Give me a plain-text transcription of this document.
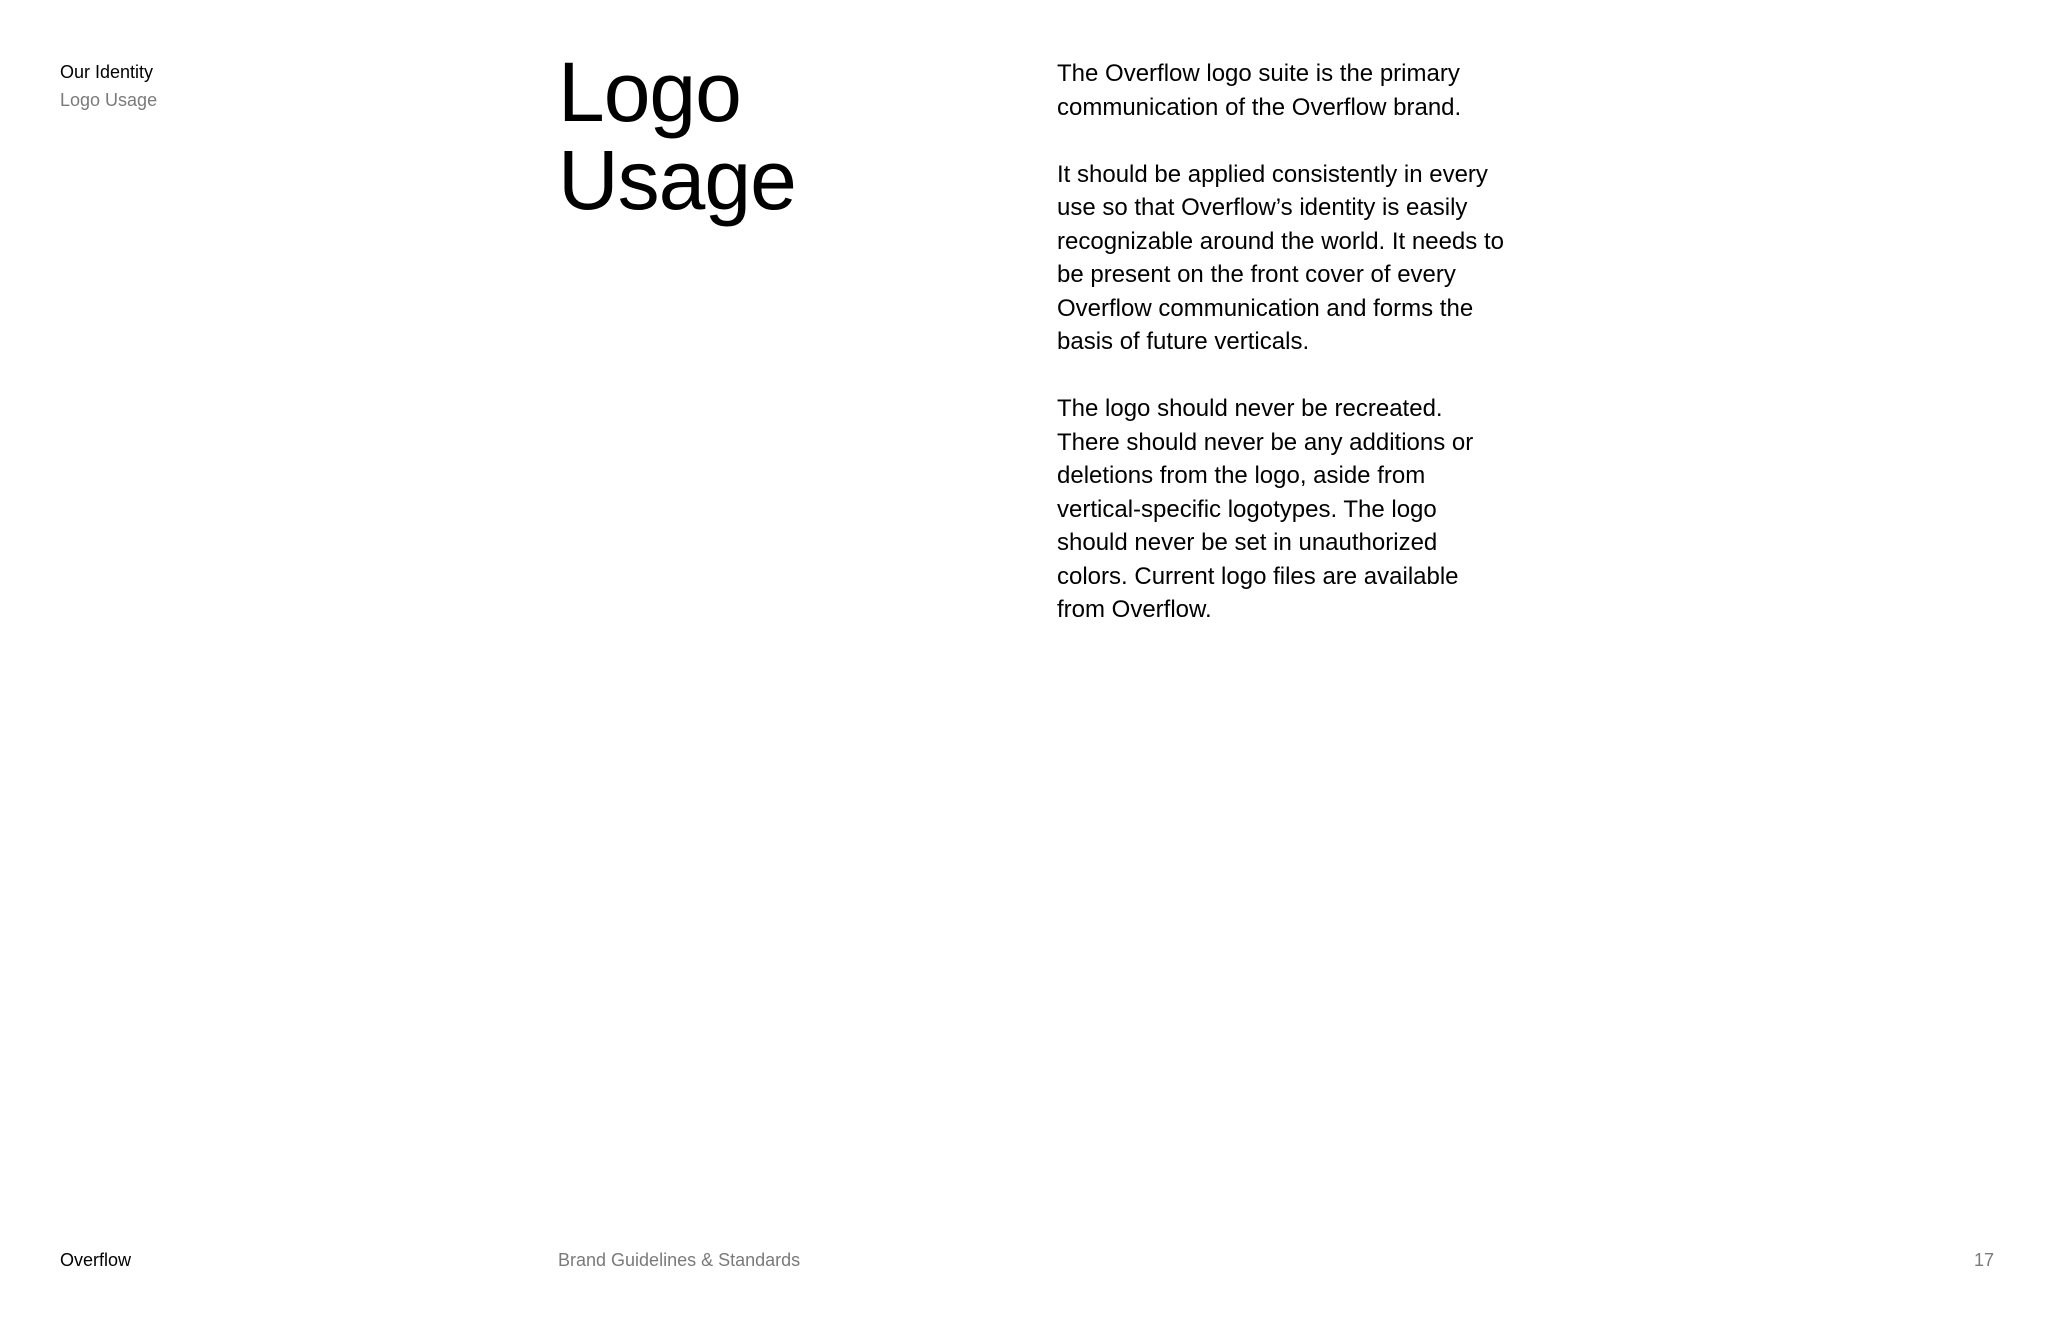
Our Identity
Logo Usage	Logo
Usage

The Overflow logo suite is the primary communication of the Overflow brand.

It should be applied consistently in every use so that Overflow’s identity is easily recognizable around the world. It needs to be present on the front cover of every Overflow communication and forms the basis of future verticals.

The logo should never be recreated. There should never be any additions or deletions from the logo, aside from vertical-specific logotypes. The logo should never be set in unauthorized colors. Current logo files are available from Overflow.

Overflow	Brand Guidelines & Standards	17
